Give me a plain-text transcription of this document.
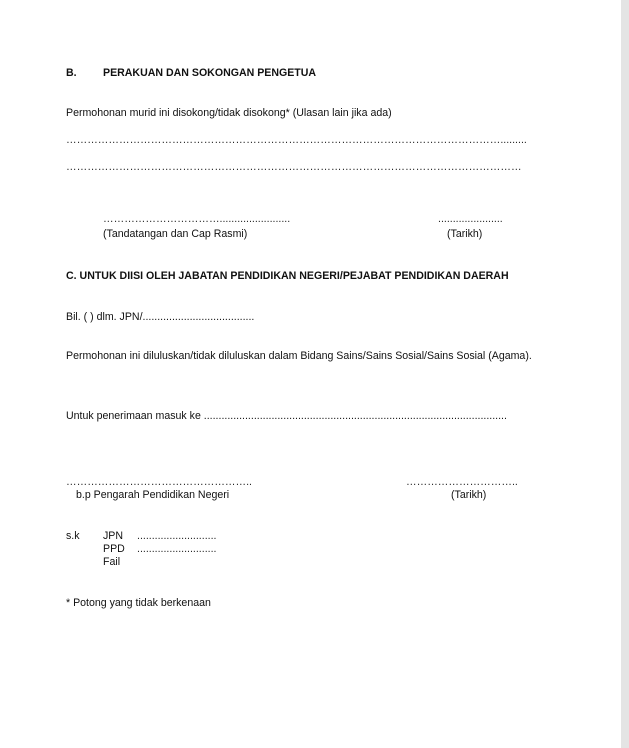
B. PERAKUAN DAN SOKONGAN PENGETUA
Permohonan murid ini disokong/tidak disokong* (Ulasan lain jika ada)
…………………………………………………………………………………………………………….........
…………………………………………………………………………………………………………………
……………………………........................
(Tandatangan dan Cap Rasmi)
......................
(Tarikh)
C. UNTUK DIISI OLEH JABATAN PENDIDIKAN NEGERI/PEJABAT PENDIDIKAN DAERAH
Bil. ( ) dlm. JPN/......................................
Permohonan ini diluluskan/tidak diluluskan dalam Bidang Sains/Sains Sosial/Sains Sosial (Agama).
Untuk penerimaan masuk ke .......................................................................................................
……………………………………………..
b.p Pengarah Pendidikan Negeri
…………………………..
(Tarikh)
s.k JPN ...........................
PPD ...........................
Fail
* Potong yang tidak berkenaan
